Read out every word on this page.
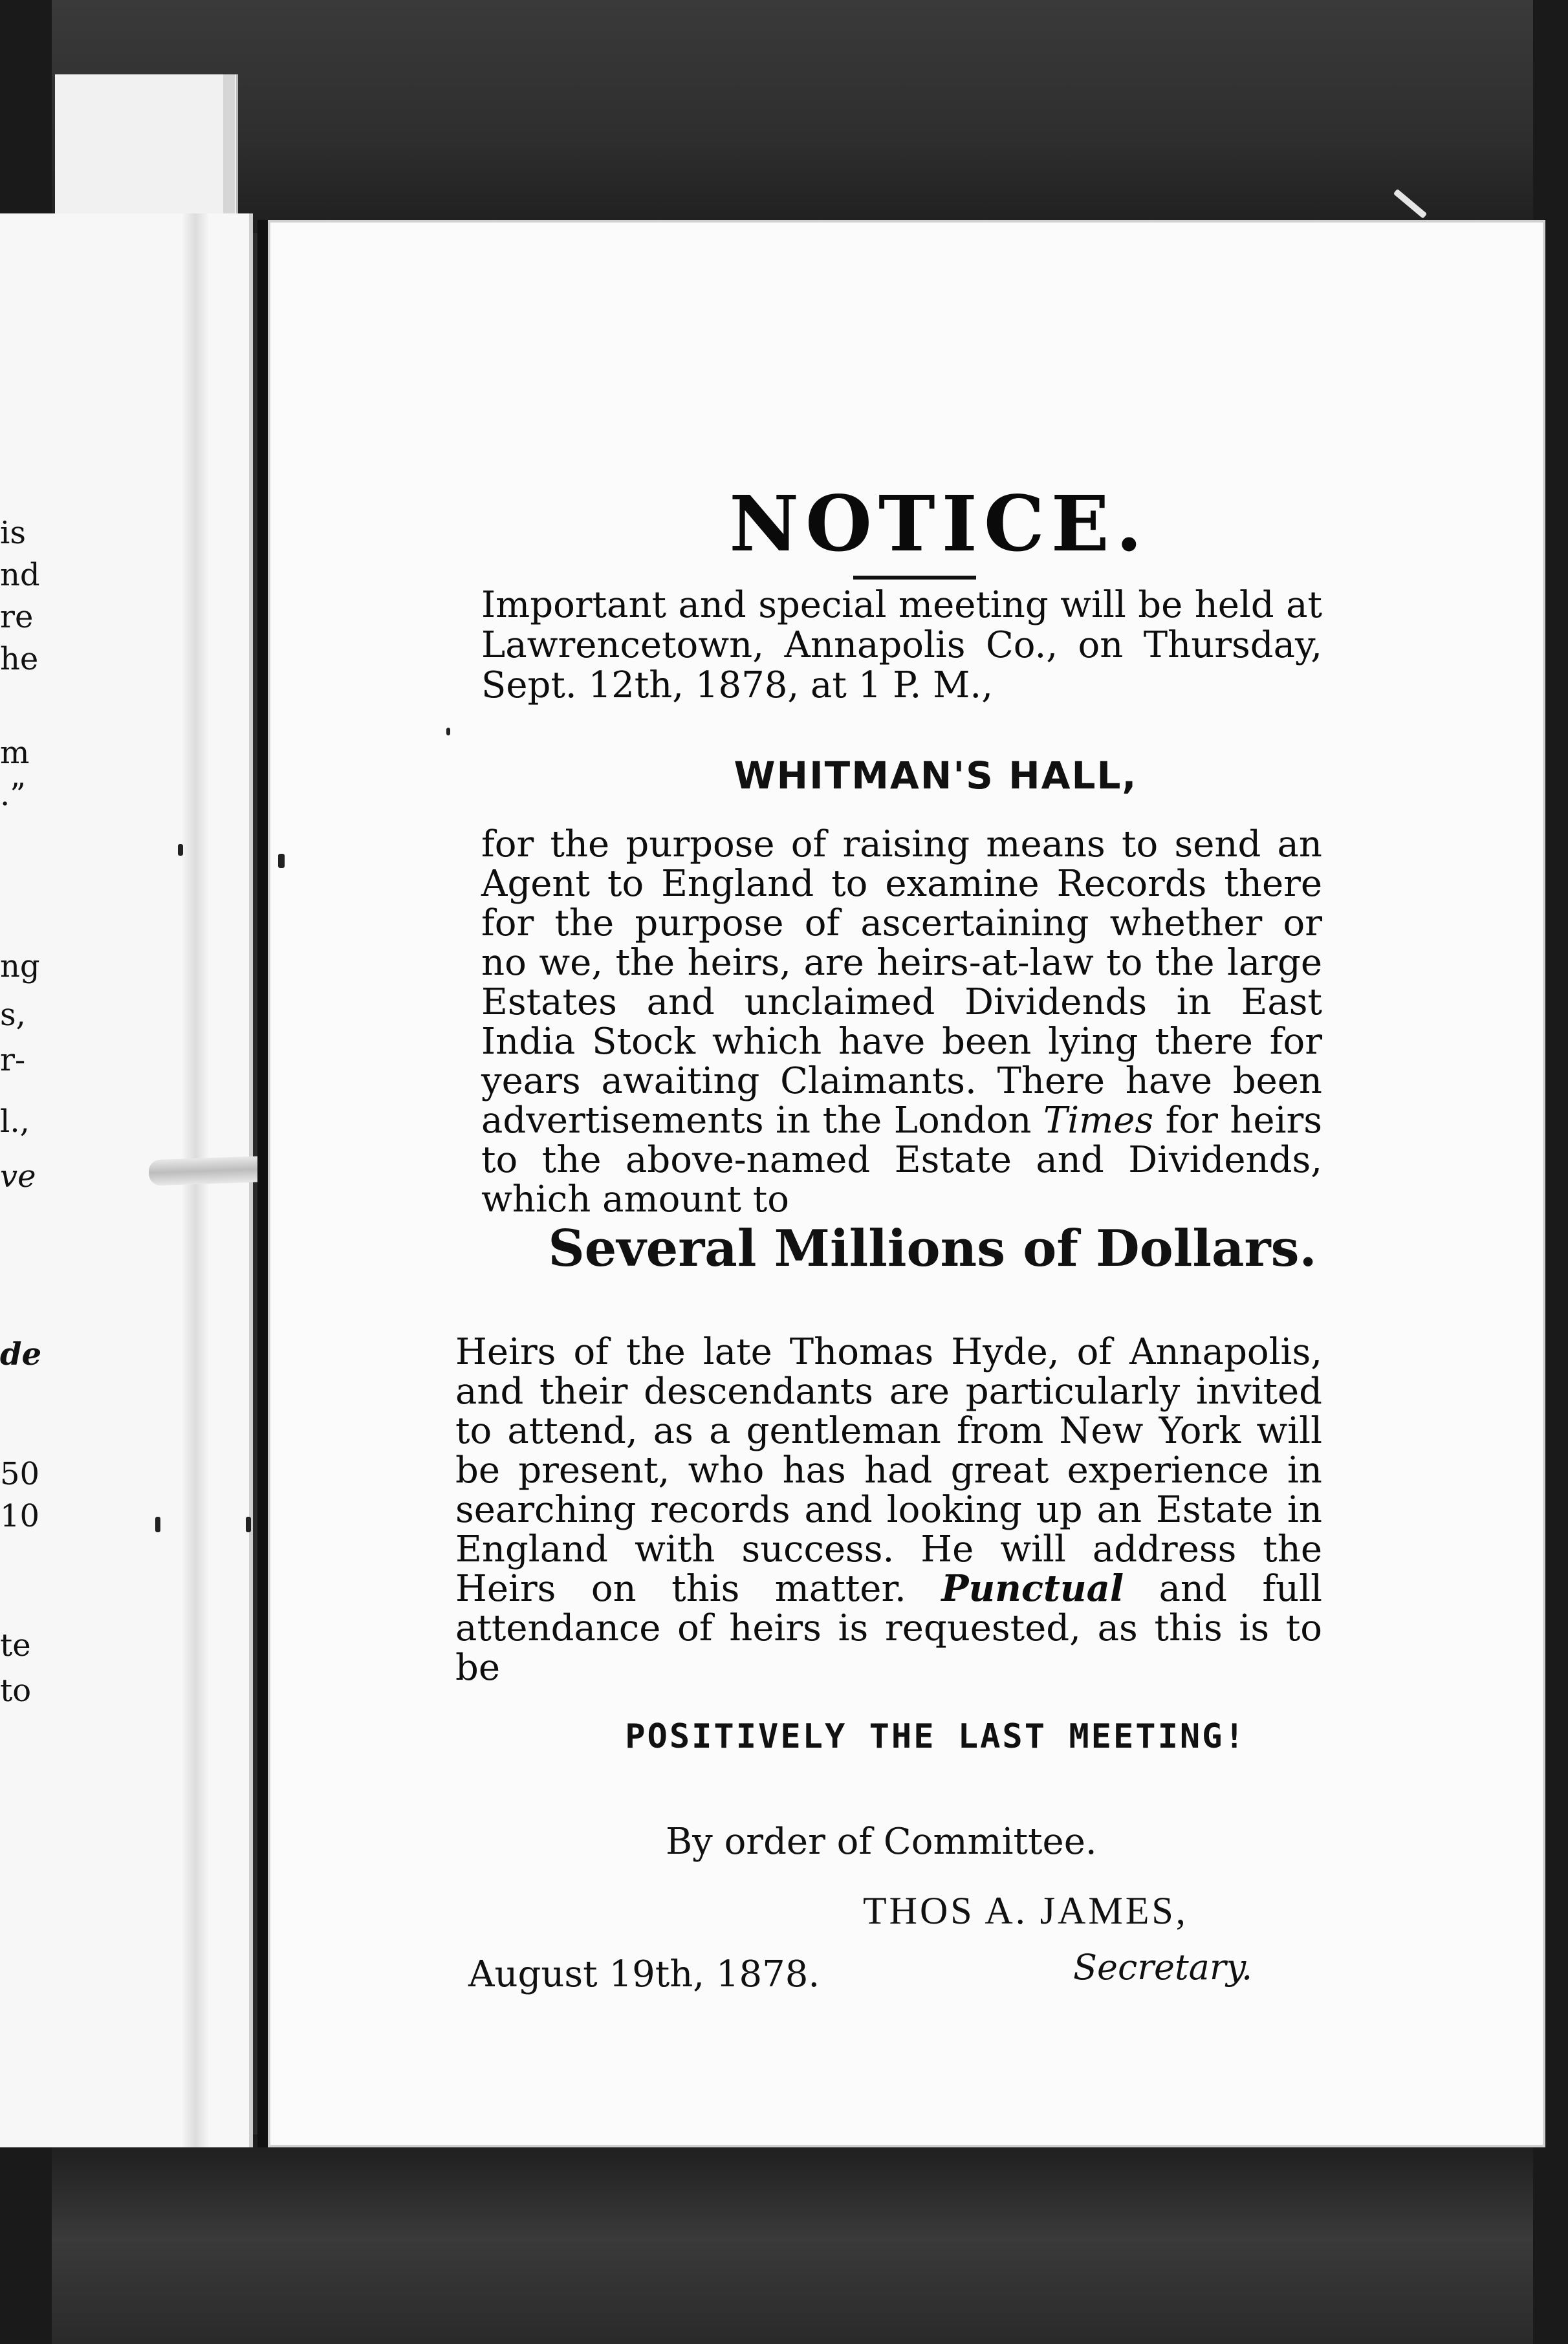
is
nd
re
he
m
.”
ng
s,
r-
l.,
ve
de
50
10
te
to
NOTICE.
Important and special meeting will be held at Lawrencetown, Annapolis Co., on Thursday, Sept. 12th, 1878, at 1 P. M.,
WHITMAN'S HALL,
for the purpose of raising means to send an Agent to England to examine Records there for the purpose of ascertaining whether or no we, the heirs, are heirs-at-law to the large Estates and unclaimed Dividends in East India Stock which have been lying there for years awaiting Claimants. There have been advertisements in the London Times for heirs to the above-named Estate and Dividends, which amount to
Several Millions of Dollars.
Heirs of the late Thomas Hyde, of Annapolis, and their descendants are particularly invited to attend, as a gentleman from New York will be present, who has had great experience in searching records and looking up an Estate in England with success. He will address the Heirs on this matter. Punctual and full attendance of heirs is requested, as this is to be
POSITIVELY THE LAST MEETING!
By order of Committee.
THOS A. JAMES,
August 19th, 1878.	Secretary.
